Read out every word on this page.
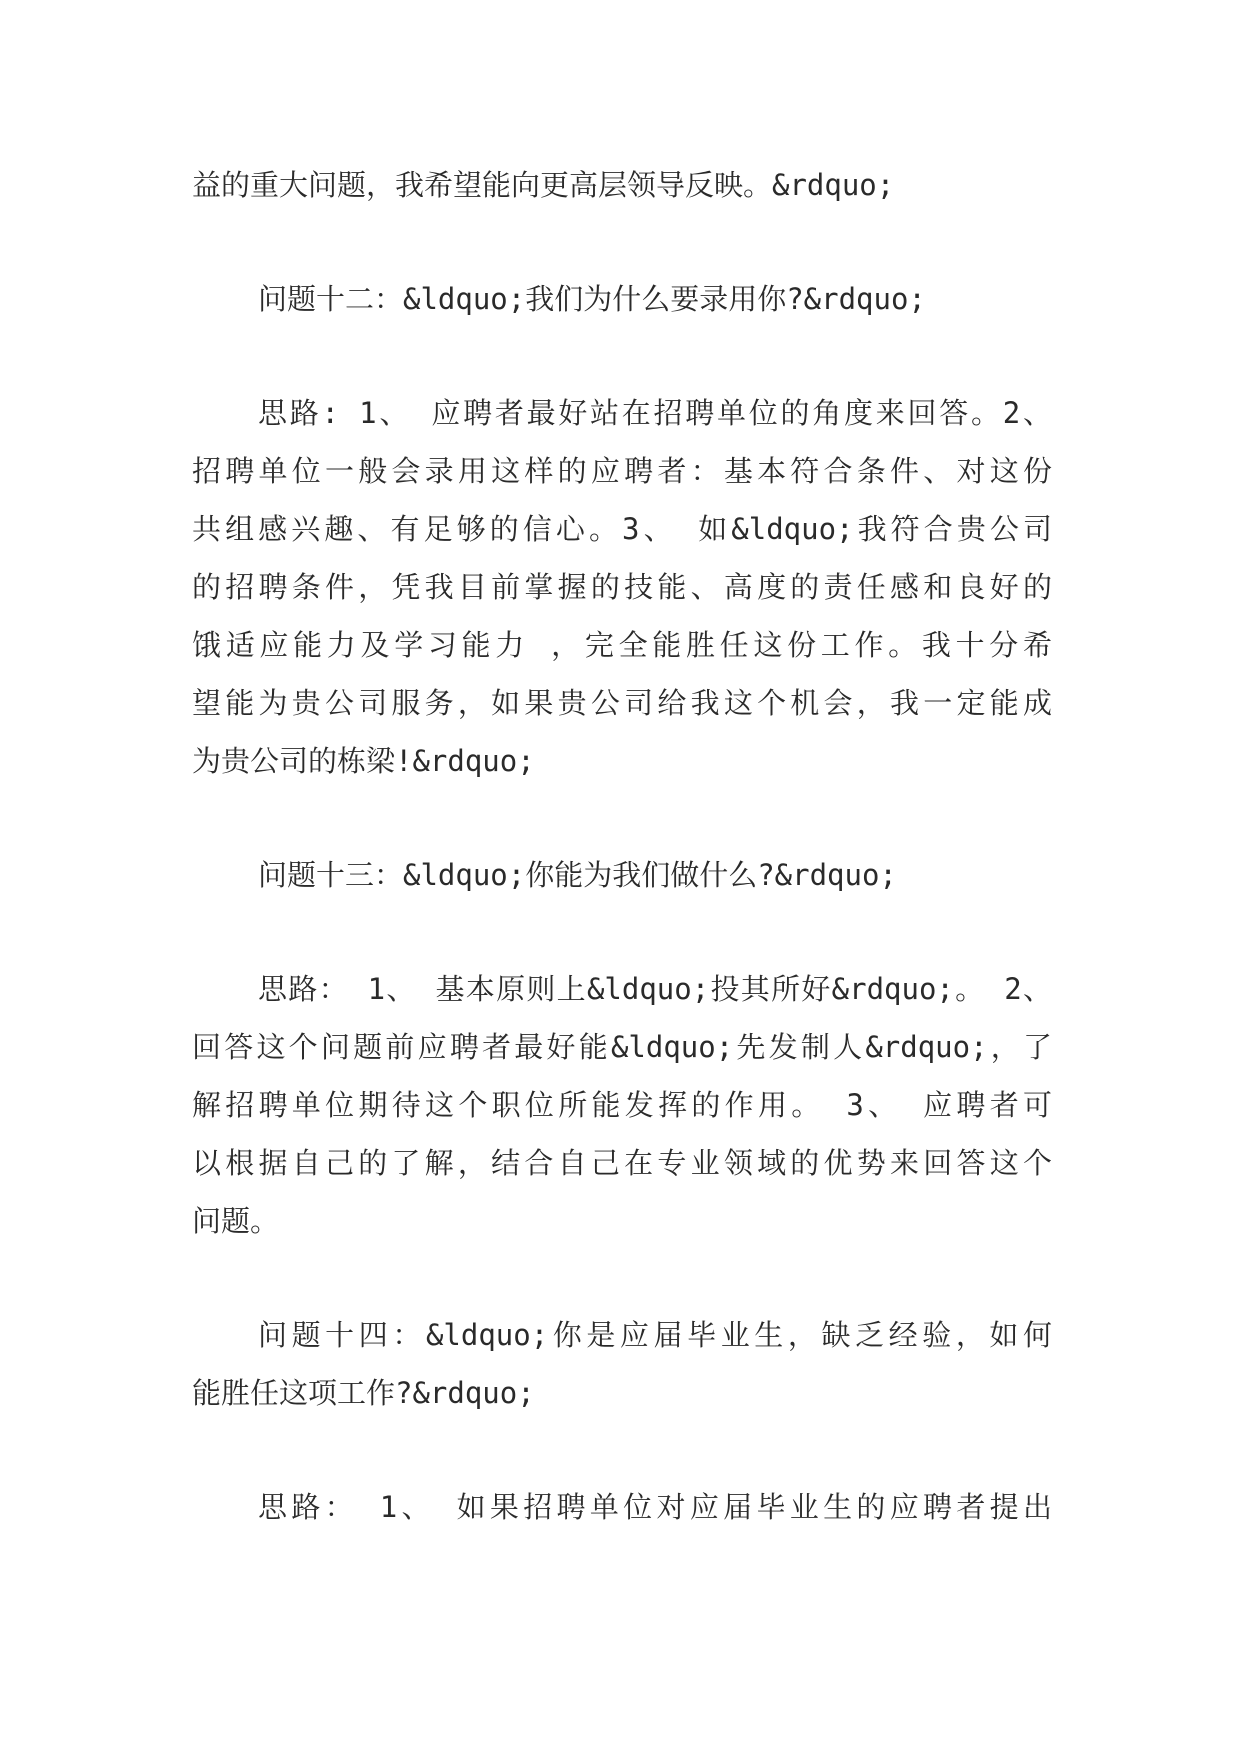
益的重大问题，我希望能向更高层领导反映。&rdquo;
问题十二：&ldquo;我们为什么要录用你?&rdquo;
思路: 1、 应聘者最好站在招聘单位的角度来回答。2、
招聘单位一般会录用这样的应聘者：基本符合条件、对这份
共组感兴趣、有足够的信心。3、 如&ldquo;我符合贵公司
的招聘条件，凭我目前掌握的技能、高度的责任感和良好的
饿适应能力及学习能力 ，完全能胜任这份工作。我十分希
望能为贵公司服务，如果贵公司给我这个机会，我一定能成
为贵公司的栋梁!&rdquo;
问题十三：&ldquo;你能为我们做什么?&rdquo;
思路： 1、 基本原则上&ldquo;投其所好&rdquo;。 2、
回答这个问题前应聘者最好能&ldquo;先发制人&rdquo;，了
解招聘单位期待这个职位所能发挥的作用。 3、 应聘者可
以根据自己的了解，结合自己在专业领域的优势来回答这个
问题。
问题十四：&ldquo;你是应届毕业生，缺乏经验，如何
能胜任这项工作?&rdquo;
思路： 1、 如果招聘单位对应届毕业生的应聘者提出
